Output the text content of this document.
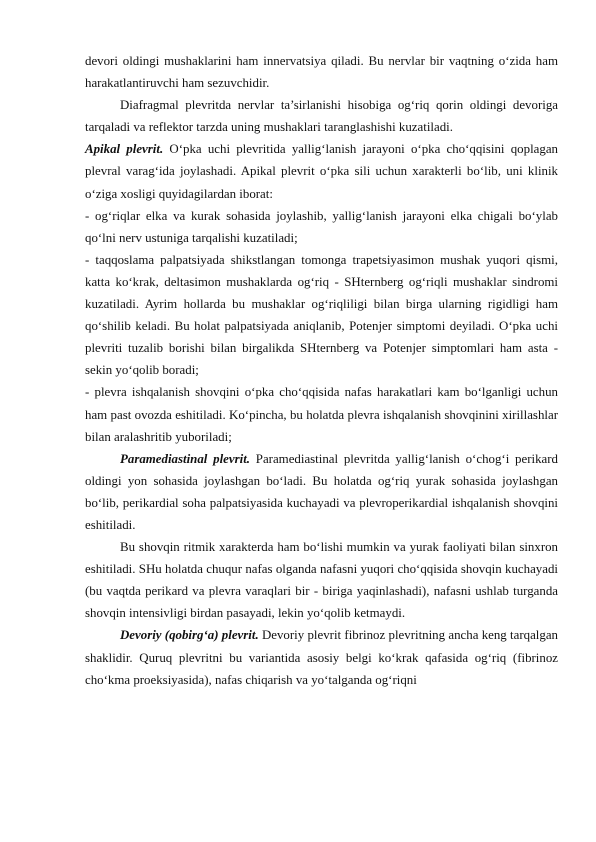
devori oldingi mushaklarini ham innervatsiya qiladi. Bu nervlar bir vaqtning o‘zida ham harakatlantiruvchi ham sezuvchidir.

Diafragmal plevritda nervlar ta’sirlanishi hisobiga og‘riq qorin oldingi devoriga tarqaladi va reflektor tarzda uning mushaklari taranglashishi kuzatiladi.

Apikal plevrit. O‘pka uchi plevritida yallig‘lanish jarayoni o‘pka cho‘qqisini qoplagan plevral varag‘ida joylashadi. Apikal plevrit o‘pka sili uchun xarakterli bo‘lib, uni klinik o‘ziga xosligi quyidagilardan iborat:

- og‘riqlar elka va kurak sohasida joylashib, yallig‘lanish jarayoni elka chigali bo‘ylab qo‘lni nerv ustuniga tarqalishi kuzatiladi;

- taqqoslama palpatsiyada shikstlangan tomonga trapetsiyasimon mushak yuqori qismi, katta ko‘krak, deltasimon mushaklarda og‘riq - SHternberg og‘riqli mushaklar sindromi kuzatiladi. Ayrim hollarda bu mushaklar og‘riqliligi bilan birga ularning rigidligi ham qo‘shilib keladi. Bu holat palpatsiyada aniqlanib, Potenjer simptomi deyiladi. O‘pka uchi plevriti tuzalib borishi bilan birgalikda SHternberg va Potenjer simptomlari ham asta - sekin yo‘qolib boradi;

- plevra ishqalanish shovqini o‘pka cho‘qqisida nafas harakatlari kam bo‘lganligi uchun ham past ovozda eshitiladi. Ko‘pincha, bu holatda plevra ishqalanish shovqinini xirillashlar bilan aralashritib yuboriladi;

Paramediastinal plevrit. Paramediastinal plevritda yallig‘lanish o‘chog‘i perikard oldingi yon sohasida joylashgan bo‘ladi. Bu holatda og‘riq yurak sohasida joylashgan bo‘lib, perikardial soha palpatsiyasida kuchayadi va plevroperikardial ishqalanish shovqini eshitiladi.

Bu shovqin ritmik xarakterda ham bo‘lishi mumkin va yurak faoliyati bilan sinxron eshitiladi. SHu holatda chuqur nafas olganda nafasni yuqori cho‘qqisida shovqin kuchayadi (bu vaqtda perikard va plevra varaqlari bir - biriga yaqinlashadi), nafasni ushlab turganda shovqin intensivligi birdan pasayadi, lekin yo‘qolib ketmaydi.

Devoriy (qobirg‘a) plevrit. Devoriy plevrit fibrinoz plevritning ancha keng tarqalgan shaklidir. Quruq plevritni bu variantida asosiy belgi ko‘krak qafasida og‘riq (fibrinoz cho‘kma proeksiyasida), nafas chiqarish va yo‘talganda og‘riqni
